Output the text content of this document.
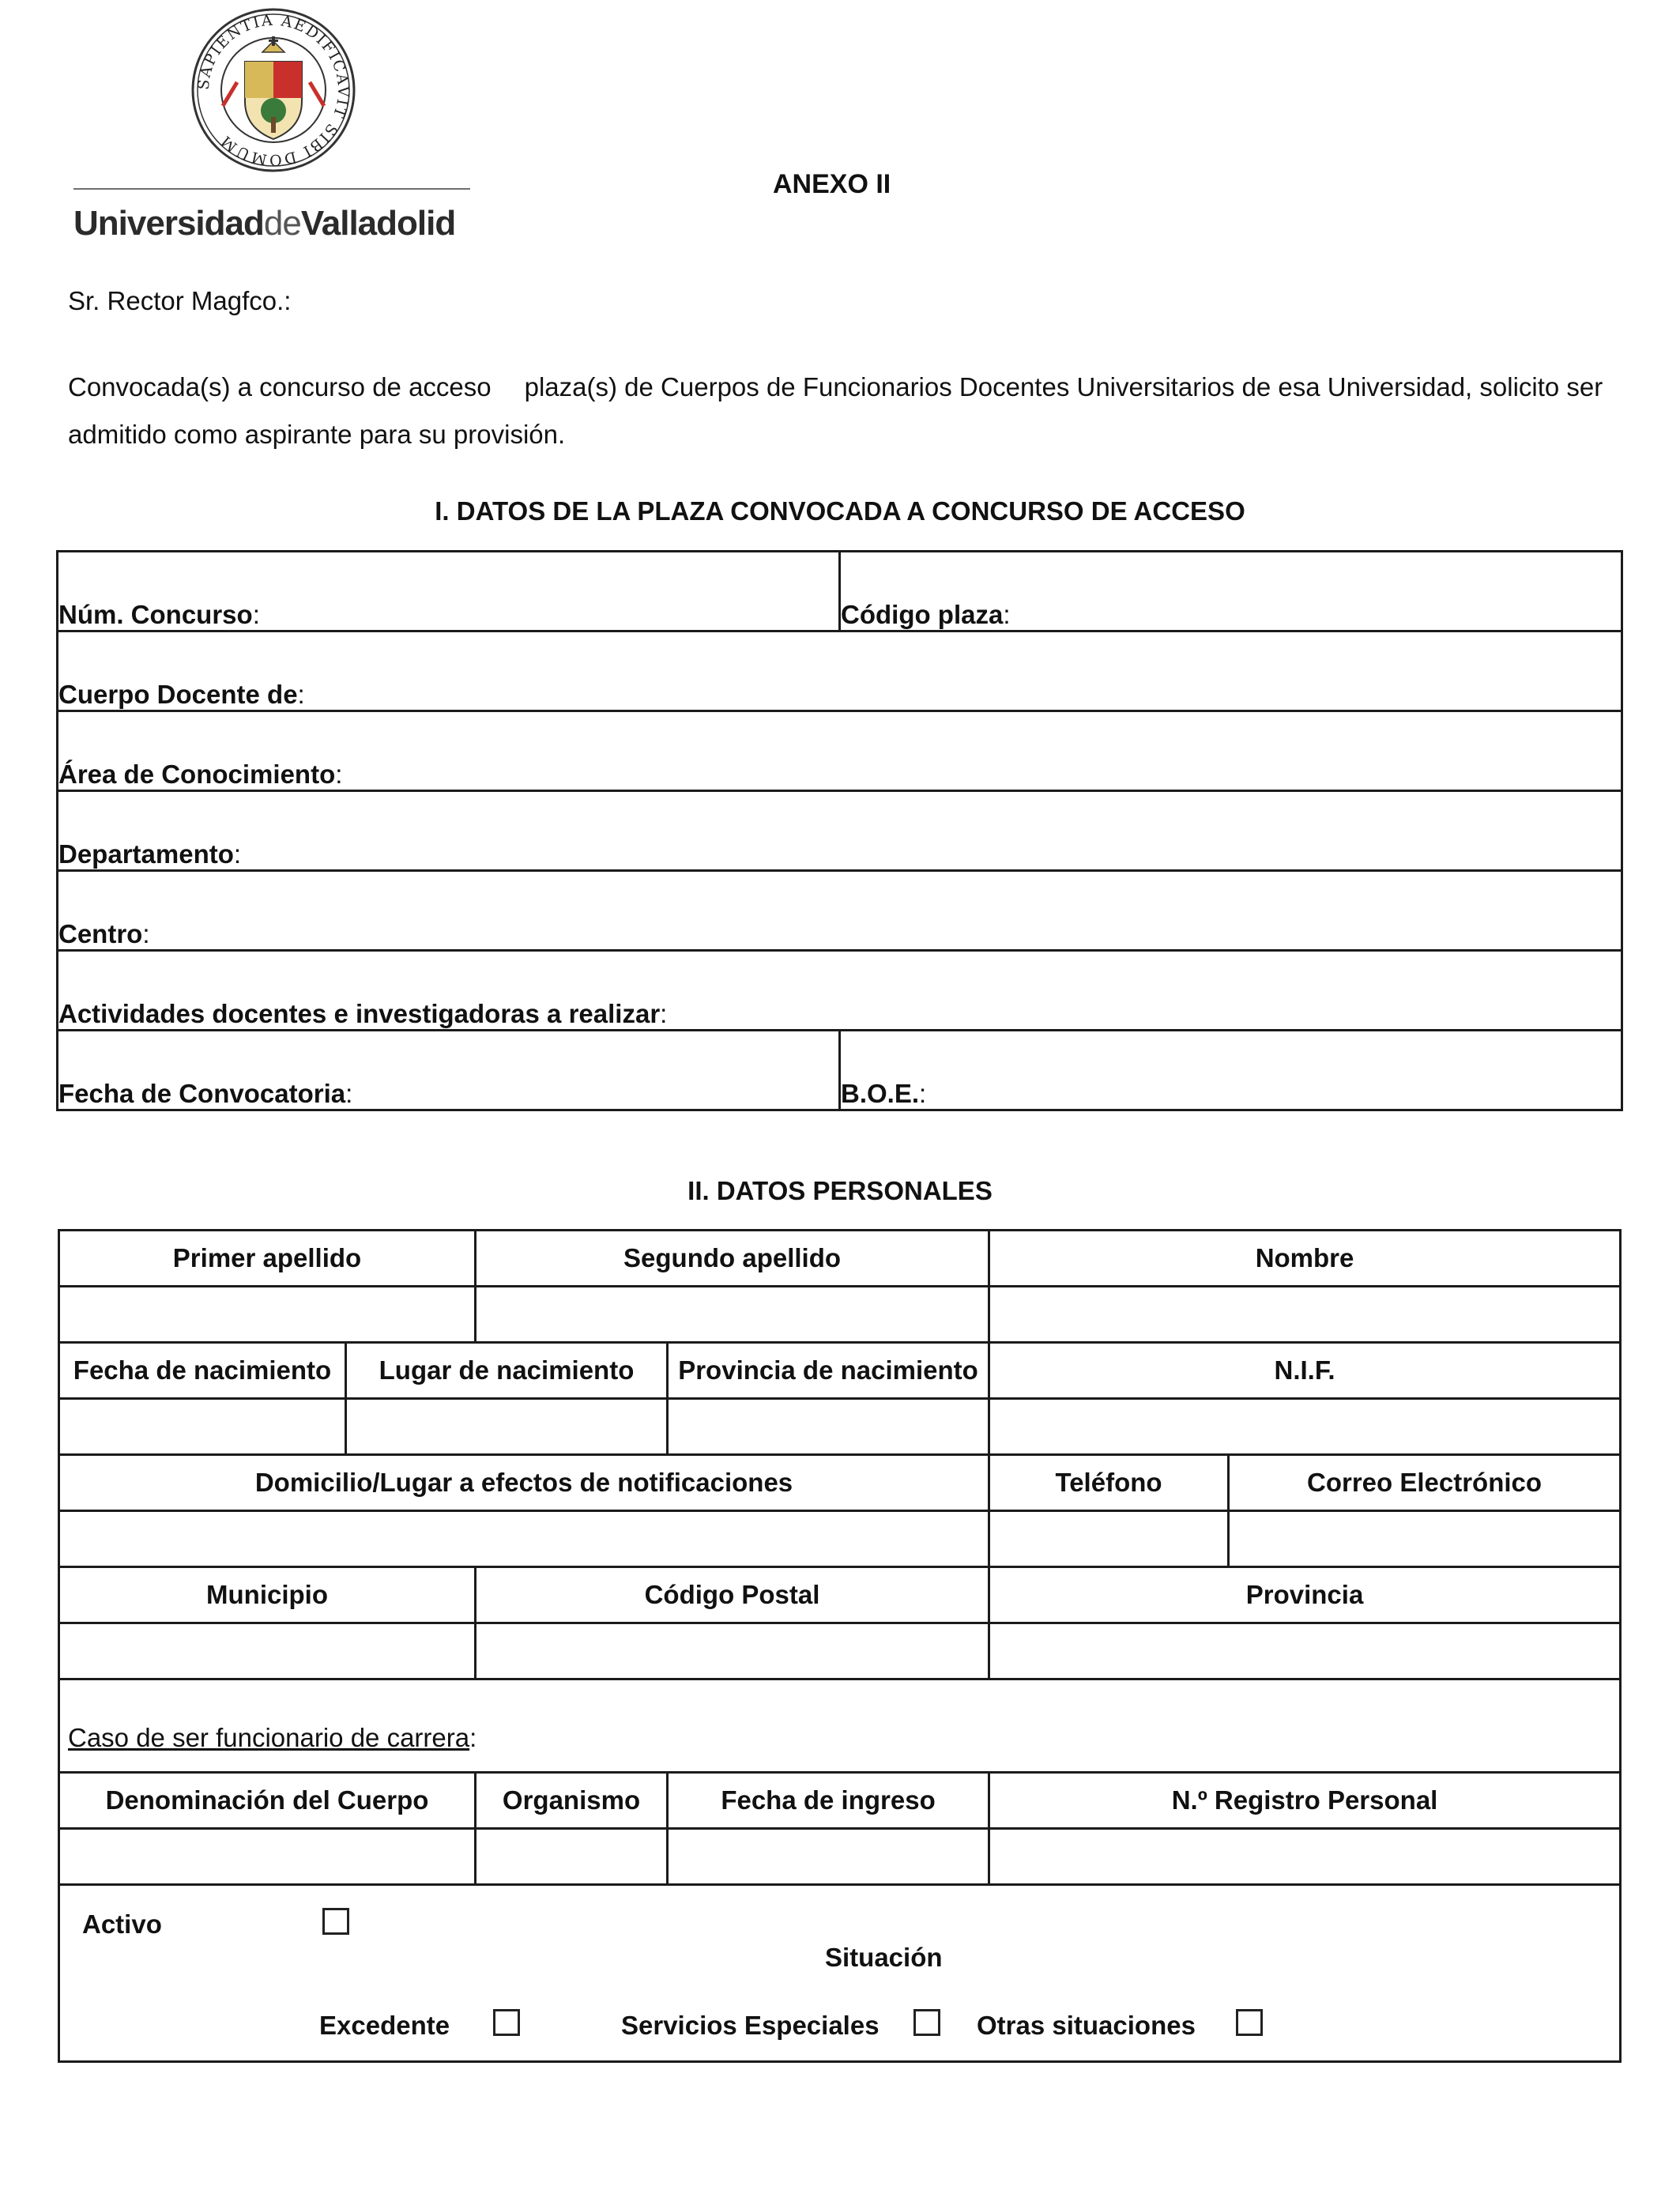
SAPIENTIA AEDIFICAVIT SIBI DOMUM
UniversidaddeValladolid
ANEXO II
Sr. Rector Magfco.:
Convocada(s) a concurso de acceso plaza(s) de Cuerpos de Funcionarios Docentes Universitarios de esa Universidad, solicito ser admitido como aspirante para su provisión.
I. DATOS DE LA PLAZA CONVOCADA A CONCURSO DE ACCESO
Núm. Concurso:	Código plaza:
Cuerpo Docente de:	
Área de Conocimiento:	
Departamento:	
Centro:	
Actividades docentes e investigadoras a realizar:	
Fecha de Convocatoria:	B.O.E.:
II. DATOS PERSONALES
Primer apellido		Segundo apellido		Nombre	

Fecha de nacimiento	Lugar de nacimiento		Provincia de nacimiento	N.I.F.	

Domicilio/Lugar a efectos de notificaciones				Teléfono	Correo Electrónico

Municipio		Código Postal		Provincia	

Caso de ser funcionario de carrera:					
Denominación del Cuerpo		Organismo	Fecha de ingreso	N.º Registro Personal	

Activo
Situación
Excedente Servicios Especiales Otras situaciones					
